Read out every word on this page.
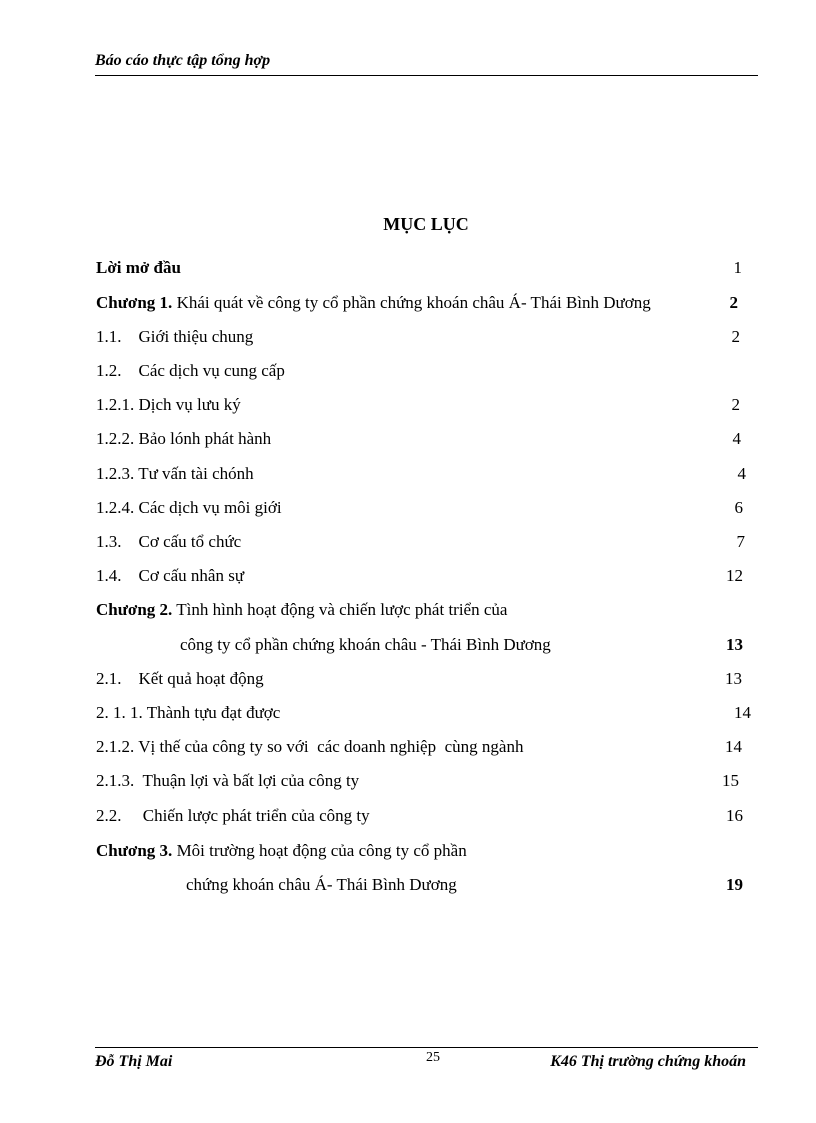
Báo cáo thực tập tổng hợp
MỤC LỤC
Lời mở đầu	1
Chương 1. Khái quát về công ty cổ phần chứng khoán châu Á- Thái Bình Dương	2
1.1.    Giới thiệu chung	2
1.2.    Các dịch vụ cung cấp
1.2.1. Dịch vụ lưu ký	2
1.2.2. Bảo lónh phát hành	4
1.2.3. Tư vấn tài chónh	4
1.2.4. Các dịch vụ môi giới	6
1.3.    Cơ cấu tổ chức	7
1.4.    Cơ cấu nhân sự	12
Chương 2. Tình hình hoạt động và chiến lược phát triển của
công ty cổ phần chứng khoán châu - Thái Bình Dương	13
2.1.    Kết quả hoạt động	13
2. 1. 1. Thành tựu đạt được	14
2.1.2. Vị thế của công ty so với  các doanh nghiệp  cùng ngành	14
2.1.3.  Thuận lợi và bất lợi của công ty	15
2.2.     Chiến lược phát triển của công ty	16
Chương 3. Môi trường hoạt động của công ty cổ phần
chứng khoán châu Á- Thái Bình Dương	19
Đỗ Thị Mai	25	K46 Thị trường chứng khoán
